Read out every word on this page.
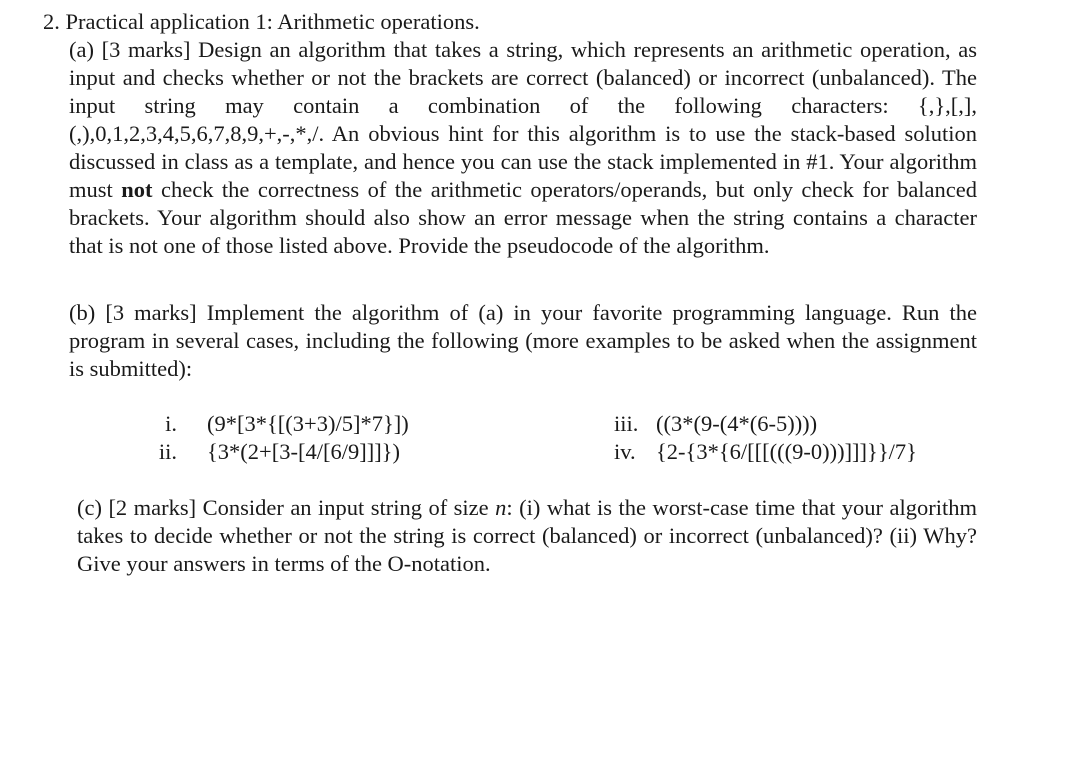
2. Practical application 1: Arithmetic operations.
(a) [3 marks] Design an algorithm that takes a string, which represents an arithmetic operation, as input and checks whether or not the brackets are correct (balanced) or incorrect (unbalanced). The input string may contain a combination of the following characters: {,},[,],(,),0,1,2,3,4,5,6,7,8,9,+,-,*,/. An obvious hint for this algorithm is to use the stack-based solution discussed in class as a template, and hence you can use the stack implemented in #1. Your algorithm must not check the correctness of the arithmetic operators/operands, but only check for balanced brackets. Your algorithm should also show an error message when the string contains a character that is not one of those listed above. Provide the pseudocode of the algorithm.
(b) [3 marks] Implement the algorithm of (a) in your favorite programming language. Run the program in several cases, including the following (more examples to be asked when the assignment is submitted):
i. (9*[3*{[(3+3)/5]*7}])
ii. {3*(2+[3-[4/[6/9]]]})
iii. ((3*(9-(4*(6-5))))
iv. {2-{3*{6/[[[(((9-0)))]]]}}/7}
(c) [2 marks] Consider an input string of size n: (i) what is the worst-case time that your algorithm takes to decide whether or not the string is correct (balanced) or incorrect (unbalanced)? (ii) Why? Give your answers in terms of the O-notation.
